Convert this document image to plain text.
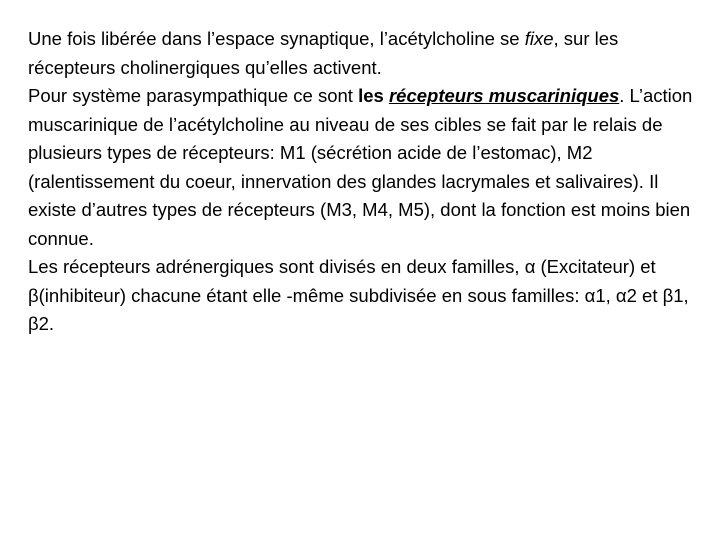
Une fois libérée dans l’espace synaptique, l’acétylcholine se fixe, sur les récepteurs cholinergiques qu’elles activent.

Pour système parasympathique ce sont les récepteurs muscariniques. L’action muscarinique de l’acétylcholine au niveau de ses cibles se fait par le relais de plusieurs types de récepteurs: M1 (sécrétion acide de l’estomac), M2 (ralentissement du coeur, innervation des glandes lacrymales et salivaires). Il existe d’autres types de récepteurs (M3, M4, M5), dont la fonction est moins bien connue.

Les récepteurs adrénergiques sont divisés en deux familles, α (Excitateur) et β(inhibiteur) chacune étant elle -même subdivisée en sous familles: α1, α2 et β1, β2.
